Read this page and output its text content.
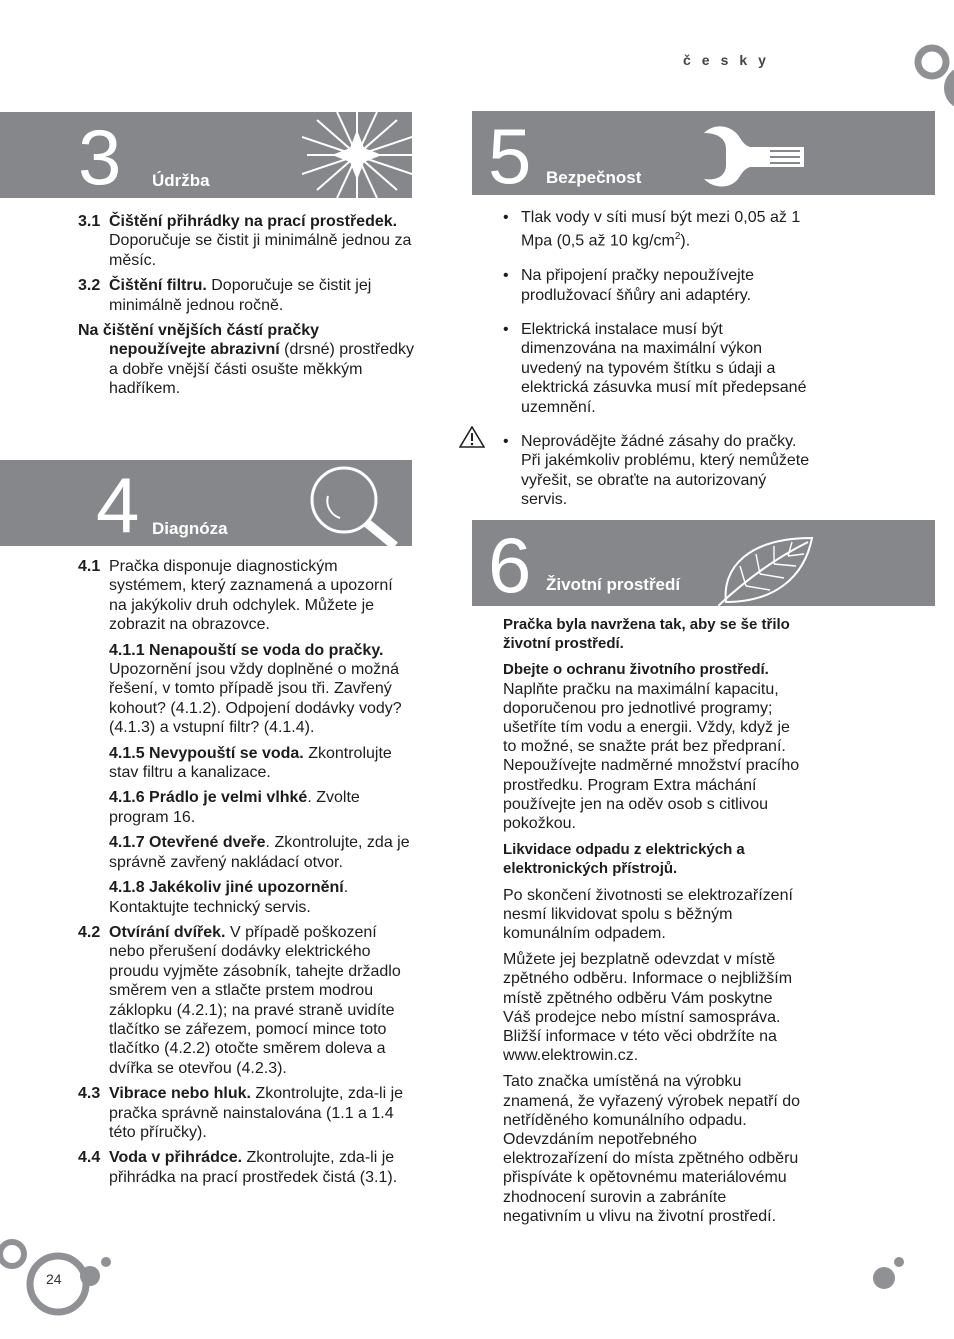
česky
3 Údržba
3.1 Čištění přihrádky na prací prostředek. Doporučuje se čistit ji minimálně jednou za měsíc.
3.2 Čištění filtru. Doporučuje se čistit jej minimálně jednou ročně.
Na čištění vnějších částí pračky
nepoužívejte abrazivní (drsné) prostředky a dobře vnější části osušte měkkým hadříkem.
4 Diagnóza
4.1 Pračka disponuje diagnostickým systémem, který zaznamená a upozorní na jakýkoliv druh odchylek. Můžete je zobrazit na obrazovce.
4.1.1 Nenapouští se voda do pračky. Upozornění jsou vždy doplněné o možná řešení, v tomto případě jsou tři. Zavřený kohout? (4.1.2). Odpojení dodávky vody? (4.1.3) a vstupní filtr? (4.1.4).
4.1.5 Nevypouští se voda. Zkontrolujte stav filtru a kanalizace.
4.1.6 Prádlo je velmi vlhké. Zvolte program 16.
4.1.7 Otevřené dveře. Zkontrolujte, zda je správně zavřený nakládací otvor.
4.1.8 Jakékoliv jiné upozornění. Kontaktujte technický servis.
4.2 Otvírání dvířek. V případě poškození nebo přerušení dodávky elektrického proudu vyjměte zásobník, tahejte držadlo směrem ven a stlačte prstem modrou záklopku (4.2.1); na pravé straně uvidíte tlačítko se zářezem, pomocí mince toto tlačítko (4.2.2) otočte směrem doleva a dvířka se otevřou (4.2.3).
4.3 Vibrace nebo hluk. Zkontrolujte, zda-li je pračka správně nainstalována (1.1 a 1.4 této příručky).
4.4 Voda v přihrádce. Zkontrolujte, zda-li je přihrádka na prací prostředek čistá (3.1).
5 Bezpečnost
• Tlak vody v síti musí být mezi 0,05 až 1 Mpa (0,5 až 10 $kg/cm^2$).
• Na připojení pračky nepoužívejte prodlužovací šňůry ani adaptéry.
• Elektrická instalace musí být dimenzována na maximální výkon uvedený na typovém štítku s údaji a elektrická zásuvka musí mít předepsané uzemnění.
• Neprovádějte žádné zásahy do pračky. Při jakémkoliv problému, který nemůžete vyřešit, se obraťte na autorizovaný servis.
6 Životní prostředí

Pračka byla navržena tak, aby se še třilo životní prostředí.

Dbejte o ochranu životního prostředí. Naplňte pračku na maximální kapacitu, doporučenou pro jednotlivé programy; ušetříte tím vodu a energii. Vždy, když je to možné, se snažte prát bez předpraní. Nepoužívejte nadměrné množství pracího prostředku. Program Extra máchání používejte jen na oděv osob s citlivou pokožkou.

Likvidace odpadu z elektrických a elektronických přístrojů.

Po skončení životnosti se elektrozařízení nesmí likvidovat spolu s běžným komunálním odpadem.

Můžete jej bezplatně odevzdat v místě zpětného odběru. Informace o nejbližším místě zpětného odběru Vám poskytne Váš prodejce nebo místní samospráva. Bližší informace v této věci obdržíte na www.elektrowin.cz.

Tato značka umístěná na výrobku znamená, že vyřazený výrobek nepatří do netříděného komunálního odpadu. Odevzdáním nepotřebného elektrozařízení do místa zpětného odběru přispíváte k opětovnému materiálovému zhodnocení surovin a zabráníte negativním u vlivu na životní prostředí.

24
